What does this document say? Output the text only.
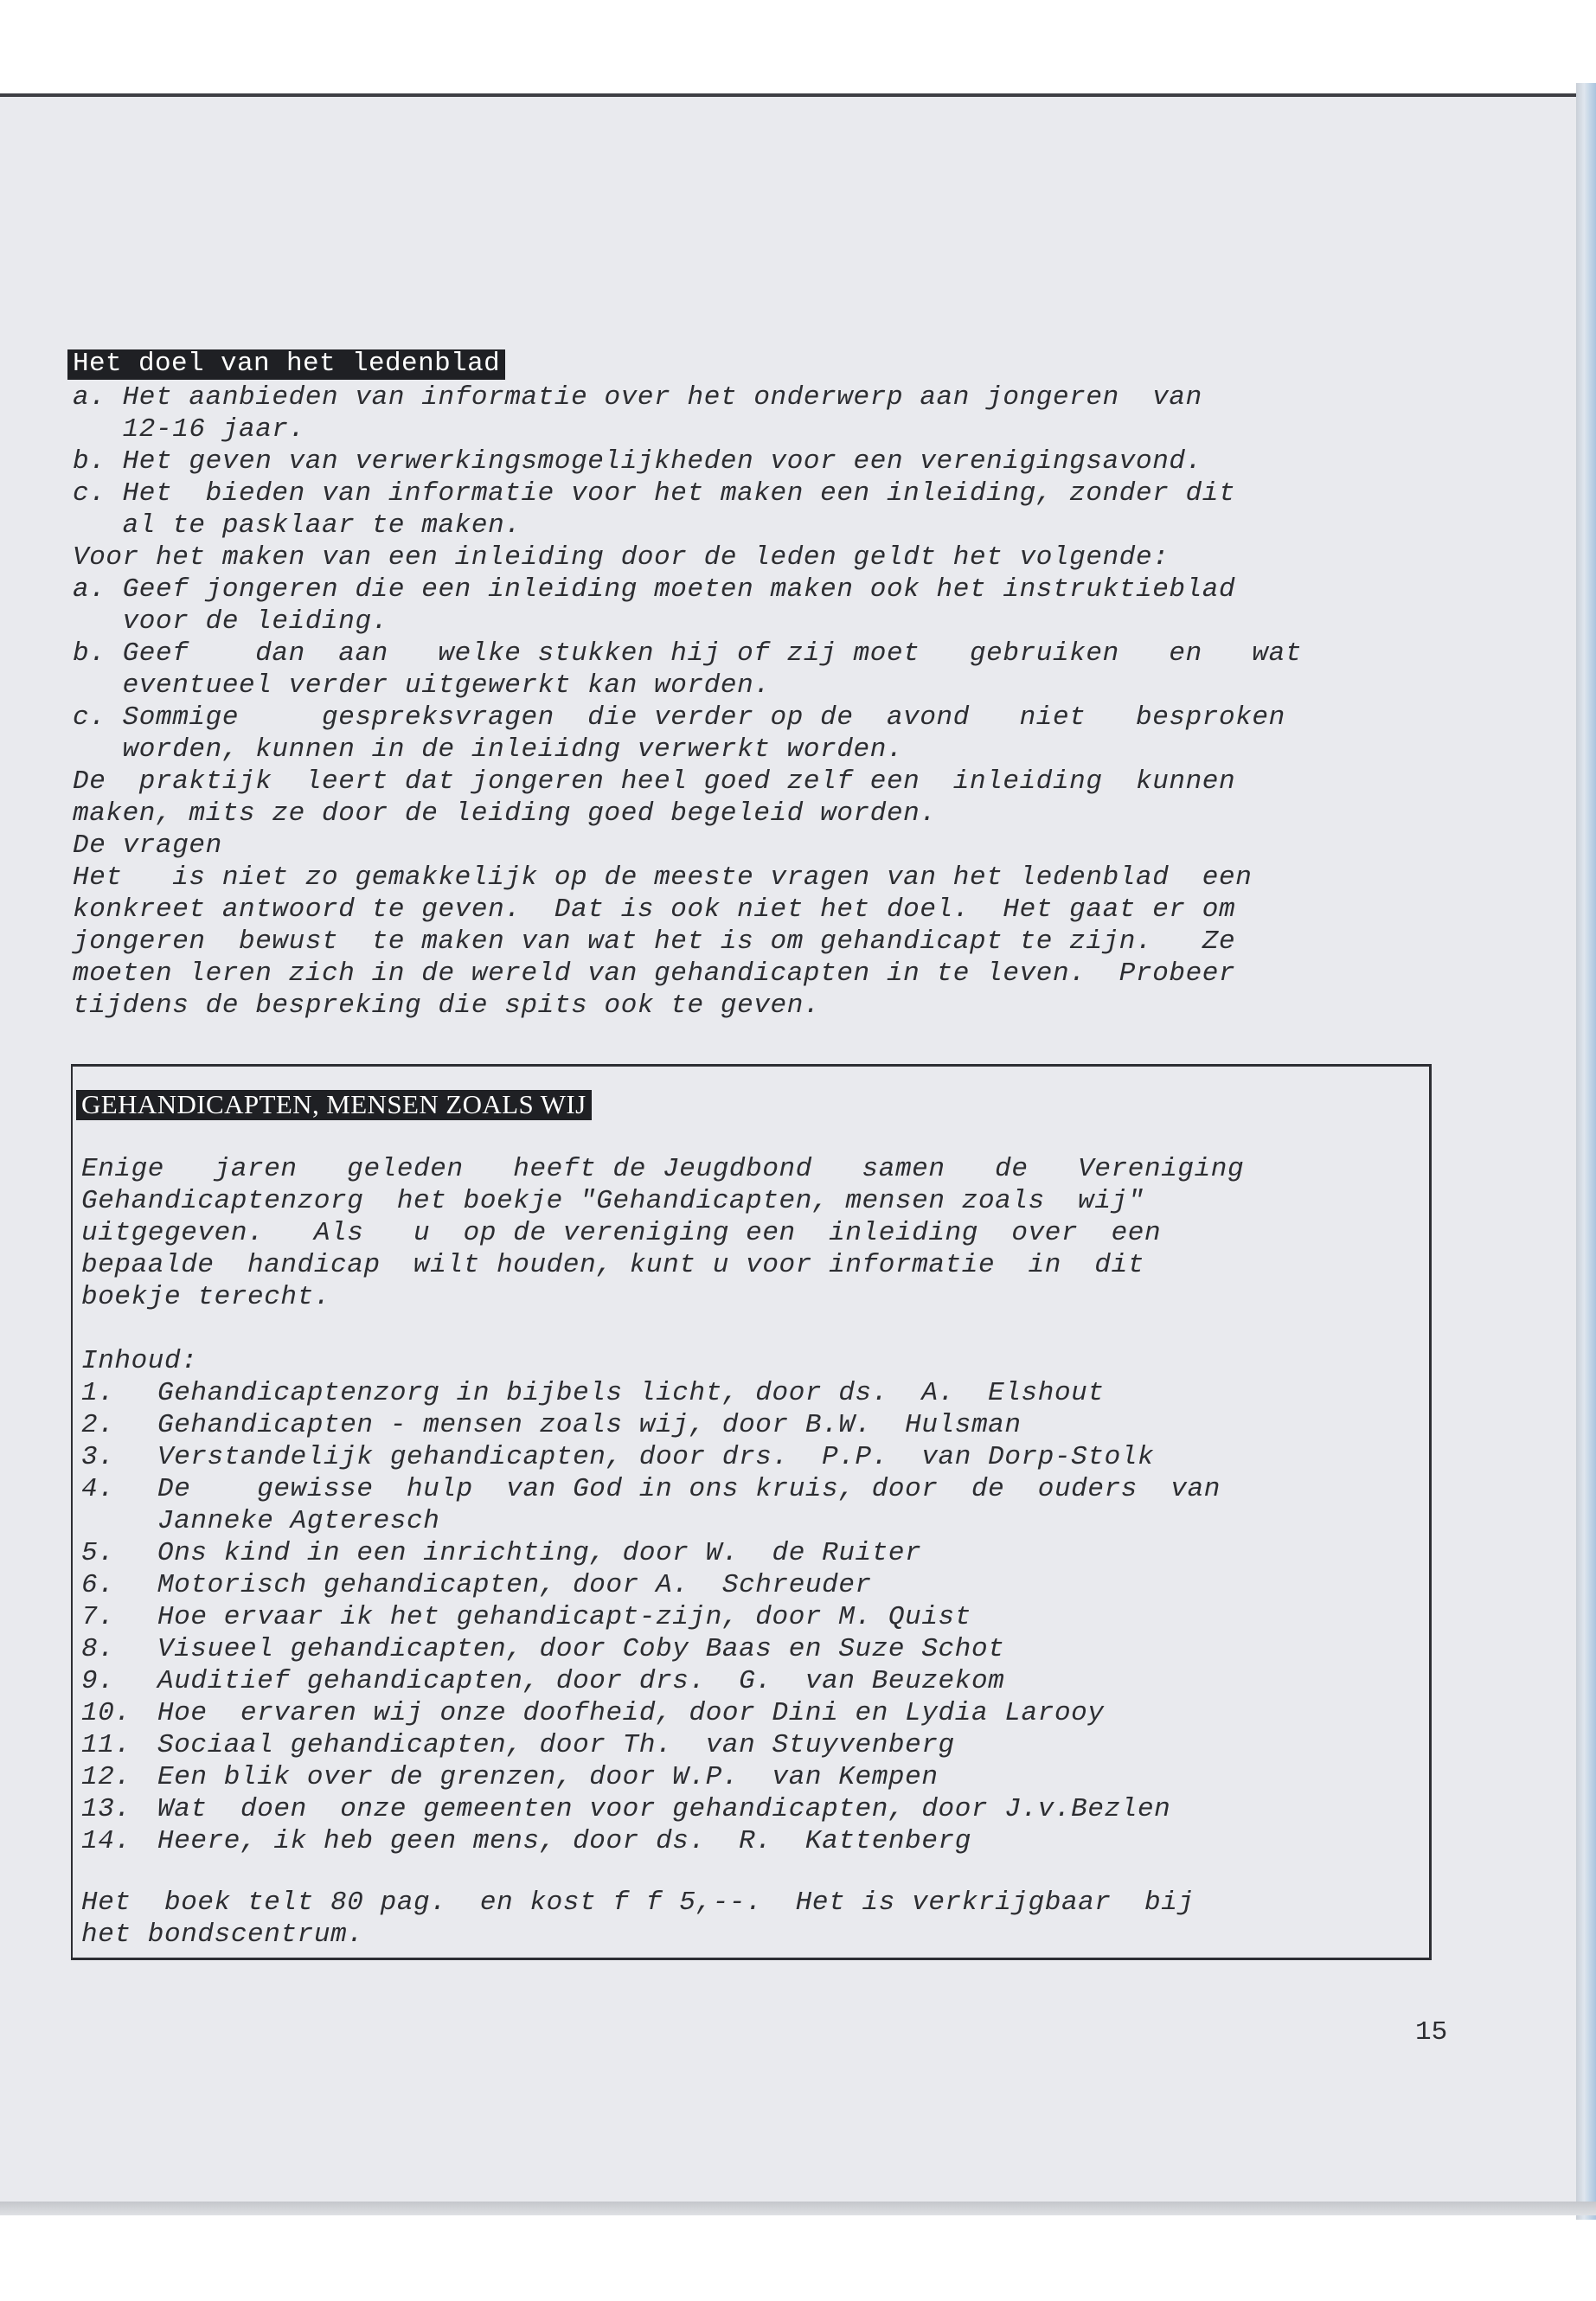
Het doel van het ledenblad
a. Het aanbieden van informatie over het onderwerp aan jongeren  van
12-16 jaar.
b. Het geven van verwerkingsmogelijkheden voor een verenigingsavond.
c. Het  bieden van informatie voor het maken een inleiding, zonder dit
al te pasklaar te maken.
Voor het maken van een inleiding door de leden geldt het volgende:
a. Geef jongeren die een inleiding moeten maken ook het instruktieblad
voor de leiding.
b. Geef    dan  aan   welke stukken hij of zij moet   gebruiken   en   wat
eventueel verder uitgewerkt kan worden.
c. Sommige     gespreksvragen  die verder op de  avond   niet   besproken
worden, kunnen in de inleiidng verwerkt worden.
De  praktijk  leert dat jongeren heel goed zelf een  inleiding  kunnen
maken, mits ze door de leiding goed begeleid worden.
De vragen
Het   is niet zo gemakkelijk op de meeste vragen van het ledenblad  een
konkreet antwoord te geven.  Dat is ook niet het doel.  Het gaat er om
jongeren  bewust  te maken van wat het is om gehandicapt te zijn.   Ze
moeten leren zich in de wereld van gehandicapten in te leven.  Probeer
tijdens de bespreking die spits ook te geven.
GEHANDICAPTEN, MENSEN ZOALS WIJ
Enige   jaren   geleden   heeft de Jeugdbond   samen   de   Vereniging
Gehandicaptenzorg  het boekje "Gehandicapten, mensen zoals  wij"
uitgegeven.   Als   u  op de vereniging een  inleiding  over  een
bepaalde  handicap  wilt houden, kunt u voor informatie  in  dit
boekje terecht.
Inhoud:
1. Gehandicaptenzorg in bijbels licht, door ds.  A.  Elshout
2. Gehandicapten - mensen zoals wij, door B.W.  Hulsman
3. Verstandelijk gehandicapten, door drs.  P.P.  van Dorp-Stolk
4. De    gewisse  hulp  van God in ons kruis, door  de  ouders  van
Janneke Agteresch
5. Ons kind in een inrichting, door W.  de Ruiter
6. Motorisch gehandicapten, door A.  Schreuder
7. Hoe ervaar ik het gehandicapt-zijn, door M. Quist
8. Visueel gehandicapten, door Coby Baas en Suze Schot
9. Auditief gehandicapten, door drs.  G.  van Beuzekom
10. Hoe  ervaren wij onze doofheid, door Dini en Lydia Larooy
11. Sociaal gehandicapten, door Th.  van Stuyvenberg
12. Een blik over de grenzen, door W.P.  van Kempen
13. Wat  doen  onze gemeenten voor gehandicapten, door J.v.Bezlen
14. Heere, ik heb geen mens, door ds.  R.  Kattenberg
Het  boek telt 80 pag.  en kost f f 5,--.  Het is verkrijgbaar  bij
het bondscentrum.
15
